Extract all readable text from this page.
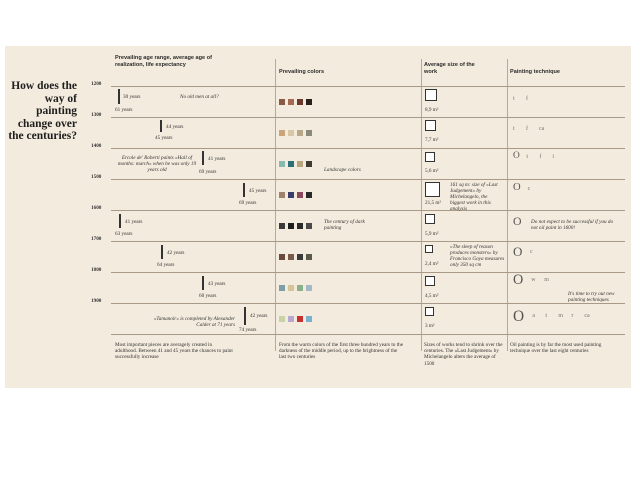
How does the way of painting change over the centuries?
Prevailing age range, average age of realization, life expectancy
Prevailing colors
Average size of the work	Painting technique
1200
1300
1400
1500
1600
1700
1800
1900
30 years
61 years
No old men at all?
44 years
45 years
41 years
69 years
Ercole de' Roberti paints «Hall of months: march» when he was only 19 years old
45 years
69 years
41 years
63 years
42 years
64 years
43 years
60 years
42 years
74 years
«Tamanoir» is completed by Alexander Calder at 71 years
Landscape colors
The century of dark painting
8,9 m²
7,7 m²
5,6 m²
21,5 m²
161 sq m: size of «Last Judgement» by Michelangelo, the biggest work in this analysis
5,9 m²
2,4 m²
«The sleep of reason produces monsters» by Francisco Goya measures only 350 sq cm
4,5 m²
3 m²
t f
t f ca
O t f i
O c
O
O c
O w m
O a t m r ca
Do not expect to be successful if you do not oil paint in 1600!
It's time to try out new painting techniques
Most important pieces are averagely created in adulthood. Between 41 and 45 years the chances to paint successfully increase
From the warm colors of the first three hundred years to the darkness of the middle period, up to the brightness of the last two centuries
Sizes of works tend to shrink over the centuries. The «Last Judgement» by Michelangelo alters the average of 1500
Oil painting is by far the most used painting technique over the last eight centuries
